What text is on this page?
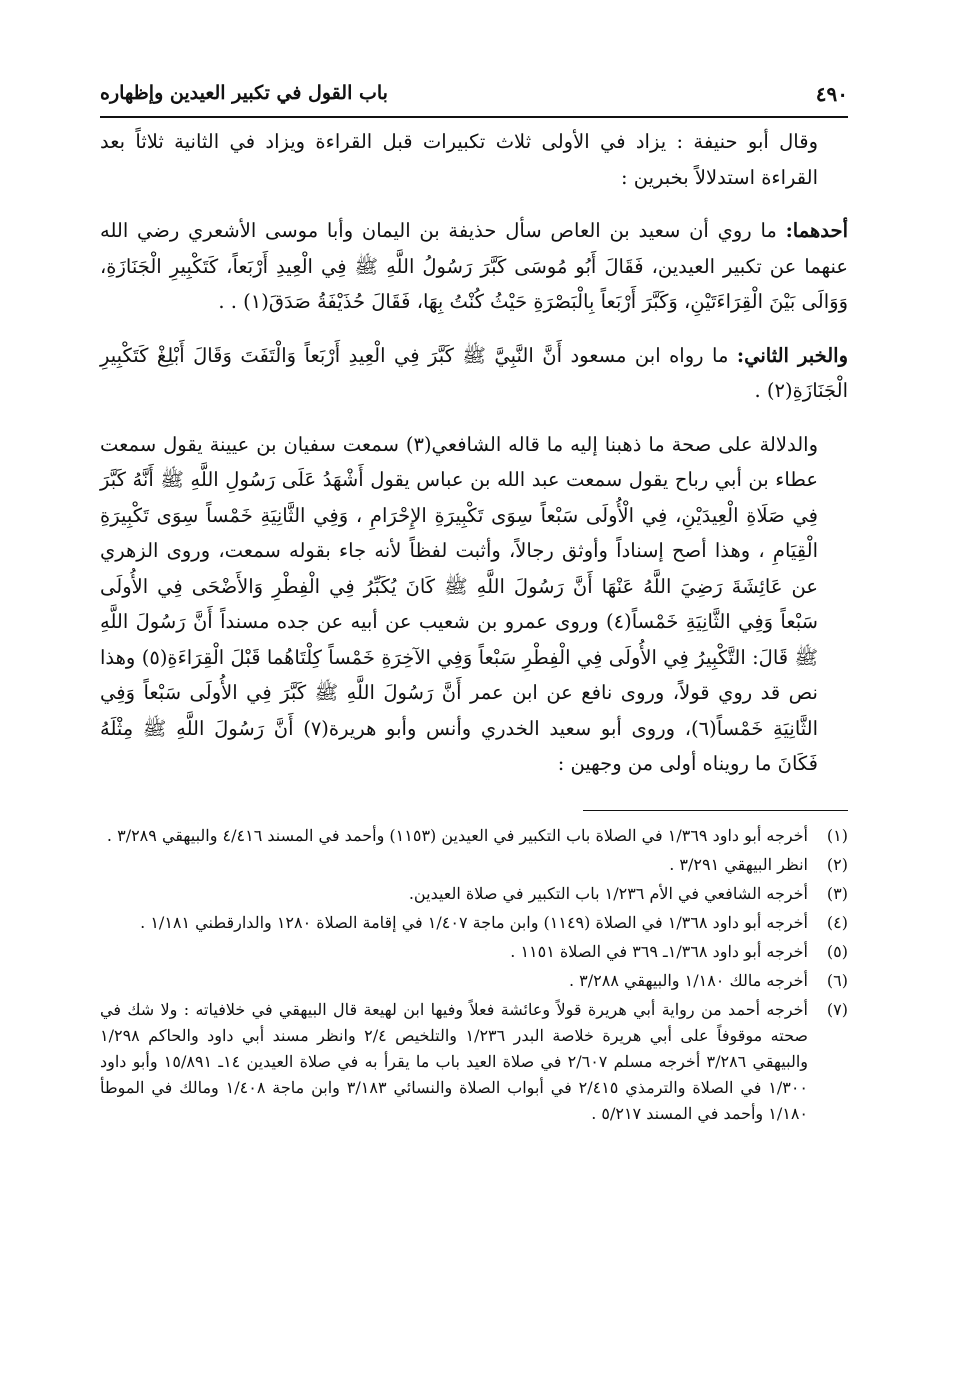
٤٩٠
باب القول في تكبير العيدين وإظهاره

وقال أبو حنيفة : يزاد في الأولى ثلاث تكبيرات قبل القراءة ويزاد في الثانية ثلاثاً بعد القراءة استدلالاً بخبرين :

أحدهما: ما روي أن سعيد بن العاص سأل حذيفة بن اليمان وأبا موسى الأشعري رضي الله عنهما عن تكبير العيدين، فَقَالَ أَبُو مُوسَى كَبَّرَ رَسُولُ اللَّهِ ﷺ فِي الْعِيدِ أَرْبَعاً، كَتَكْبِيرِ الْجَنَازَةِ، وَوَالَى بَيْنَ الْقِرَاءَتَيْنِ، وَكَبَّرَ أَرْبَعاً بِالْبَصْرَةِ حَيْثُ كُنْتُ بِهَا، فَقَالَ حُذَيْفَةُ صَدَقَ(١) . .

والخبر الثاني: ما رواه ابن مسعود أَنَّ النَّبِيَّ ﷺ كَبَّرَ فِي الْعِيدِ أَرْبَعاً وَالْتَفَتَ وَقَالَ أَبْلِغْ كَتَكْبِيرِ الْجَنَازَةِ(٢) .

والدلالة على صحة ما ذهبنا إليه ما قاله الشافعي(٣) سمعت سفيان بن عيينة يقول سمعت عطاء بن أبي رباح يقول سمعت عبد الله بن عباس يقول أَشْهَدُ عَلَى رَسُولِ اللَّهِ ﷺ أَنَّهُ كَبَّرَ فِي صَلَاةِ الْعِيدَيْنِ، فِي الْأُولَى سَبْعاً سِوَى تَكْبِيرَةِ الإِحْرَامِ ، وَفِي الثَّانِيَةِ خَمْساً سِوَى تَكْبِيرَةِ الْقِيَامِ ، وهذا أصح إسناداً وأوثق رجالاً، وأثبت لفظاً لأنه جاء بقوله سمعت، وروى الزهري عن عَائِشَةَ رَضِيَ اللَّهُ عَنْهَا أَنَّ رَسُولَ اللَّهِ ﷺ كَانَ يُكَبِّرُ فِي الْفِطْرِ وَالأَضْحَى فِي الأُولَى سَبْعاً وَفِي الثَّانِيَةِ خَمْساً(٤) وروى عمرو بن شعيب عن أبيه عن جده مسنداً أَنَّ رَسُولَ اللَّهِ ﷺ قَالَ: التَّكْبِيرُ فِي الأُولَى فِي الْفِطْرِ سَبْعاً وَفِي الآخِرَةِ خَمْساً كِلْتَاهُما قَبْلَ الْقِرَاءَةِ(٥) وهذا نص قد روي قولاً، وروى نافع عن ابن عمر أَنَّ رَسُولَ اللَّهِ ﷺ كَبَّرَ فِي الأُولَى سَبْعاً وَفِي الثَّانِيَةِ خَمْساً(٦)، وروى أبو سعيد الخدري وأنس وأبو هريرة(٧) أَنَّ رَسُولَ اللَّهِ ﷺ مِثْلَهُ فَكَانَ ما رويناه أولى من وجهين :

(١)
أخرجه أبو داود ١/٣٦٩ في الصلاة باب التكبير في العيدين (١١٥٣) وأحمد في المسند ٤/٤١٦ والبيهقي ٣/٢٨٩ .
(٢)
انظر البيهقي ٣/٢٩١ .
(٣)
أخرجه الشافعي في الأم ١/٢٣٦ باب التكبير في صلاة العيدين.
(٤)
أخرجه أبو داود ١/٣٦٨ في الصلاة (١١٤٩) وابن ماجة ١/٤٠٧ في إقامة الصلاة ١٢٨٠ والدارقطني ١/١٨١ .
(٥)
أخرجه أبو داود ١/٣٦٨ـ ٣٦٩ في الصلاة ١١٥١ .
(٦)
أخرجه مالك ١/١٨٠ والبيهقي ٣/٢٨٨ .
(٧)
أخرجه أحمد من رواية أبي هريرة قولاً وعائشة فعلاً وفيها ابن لهيعة قال البيهقي في خلافياته : ولا شك في صحته موقوفاً على أبي هريرة خلاصة البدر ١/٢٣٦ والتلخيص ٢/٤ وانظر مسند أبي داود والحاكم ١/٢٩٨ والبيهقي ٣/٢٨٦ أخرجه مسلم ٢/٦٠٧ في صلاة العيد باب ما يقرأ به في صلاة العيدين ١٤ـ ١٥/٨٩١ وأبو داود ١/٣٠٠ في الصلاة والترمذي ٢/٤١٥ في أبواب الصلاة والنسائي ٣/١٨٣ وابن ماجة ١/٤٠٨ ومالك في الموطأ ١/١٨٠ وأحمد في المسند ٥/٢١٧ .
